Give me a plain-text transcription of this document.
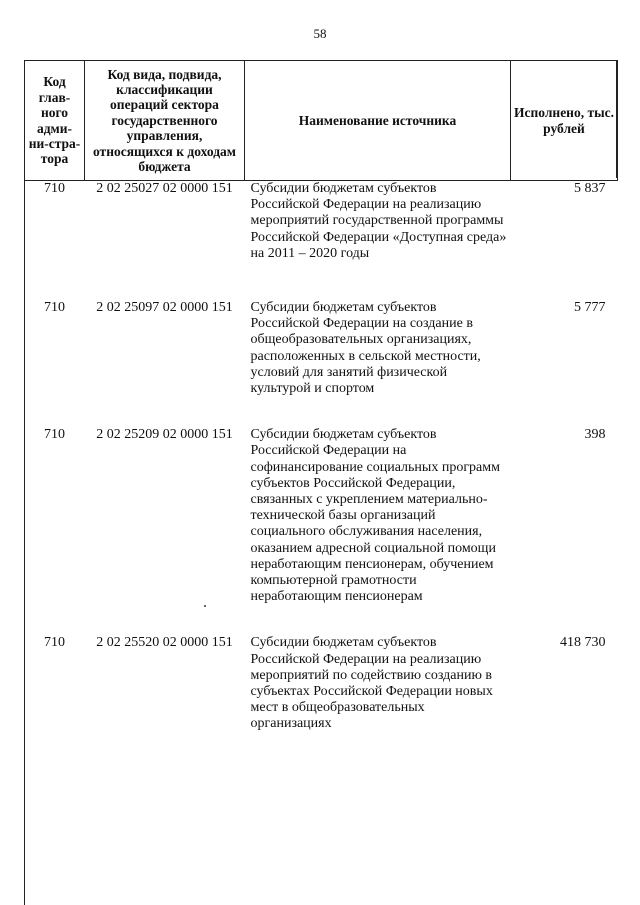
58
Код глав-ного адми-ни-стра-тора	Код вида, подвида, классификации операций сектора государственного управления, относящихся к доходам бюджета	Наименование источника	Исполнено, тыс. рублей
710	2 02 25027 02 0000 151	Субсидии бюджетам субъектов Российской Федерации на реализацию мероприятий государственной программы Российской Федерации «Доступная среда» на 2011 – 2020 годы	5 837
710	2 02 25097 02 0000 151	Субсидии бюджетам субъектов Российской Федерации на создание в общеобразовательных организациях, расположенных в сельской местности, условий для занятий физической культурой и спортом	5 777
710	2 02 25209 02 0000 151	Субсидии бюджетам субъектов Российской Федерации на софинансирование социальных программ субъектов Российской Федерации, связанных с укреплением материально-технической базы организаций социального обслуживания населения, оказанием адресной социальной помощи неработающим пенсионерам, обучением компьютерной грамотности неработающим пенсионерам	398
710	2 02 25520 02 0000 151	Субсидии бюджетам субъектов Российской Федерации на реализацию мероприятий по содействию созданию в субъектах Российской Федерации новых мест в общеобразовательных организациях	418 730
